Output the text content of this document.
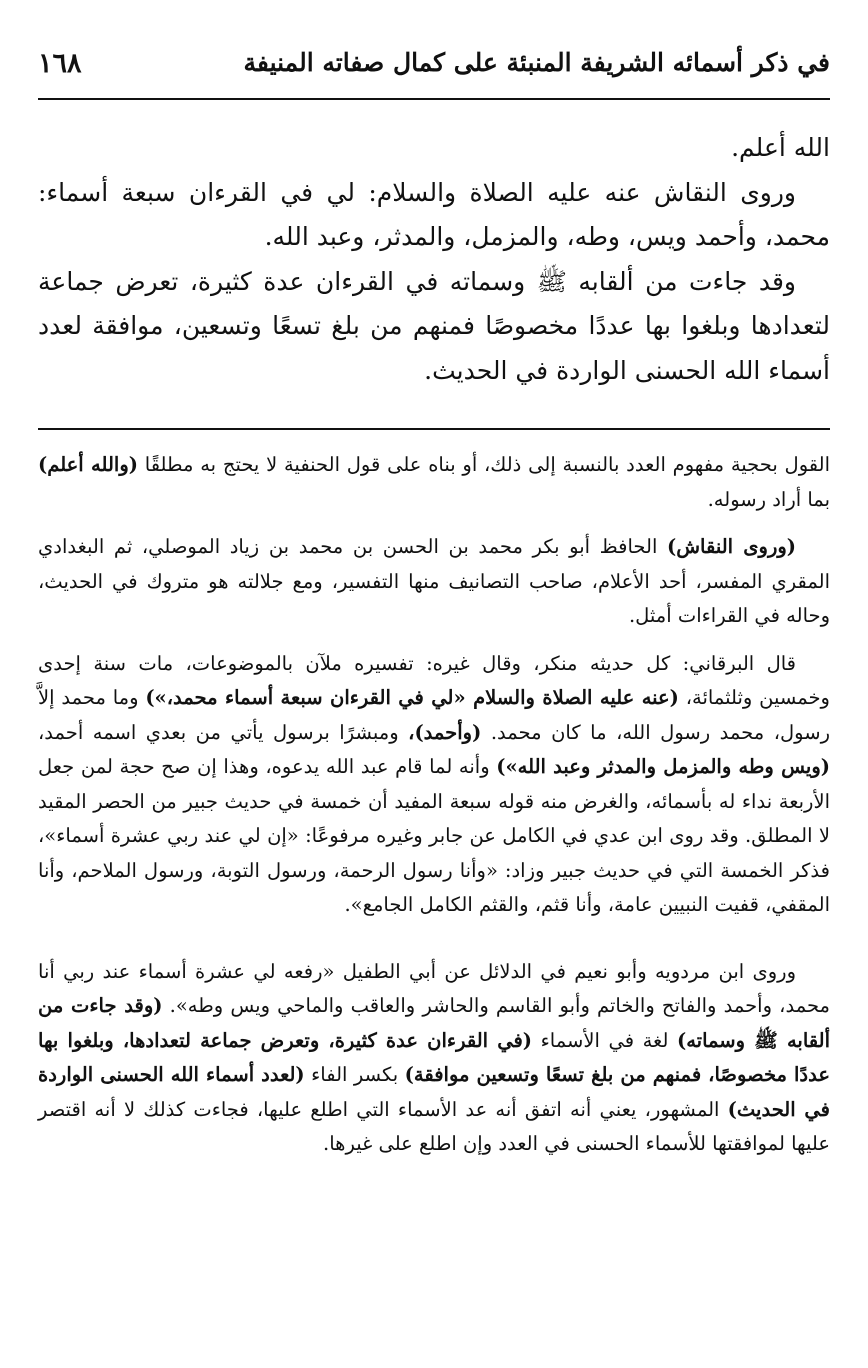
في ذكر أسمائه الشريفة المنبئة على كمال صفاته المنيفة
١٦٨

الله أعلم.

وروى النقاش عنه عليه الصلاة والسلام: لي في القرءان سبعة أسماء: محمد، وأحمد ويس، وطه، والمزمل، والمدثر، وعبد الله.

وقد جاءت من ألقابه ﷺ وسماته في القرءان عدة كثيرة، تعرض جماعة لتعدادها وبلغوا بها عددًا مخصوصًا فمنهم من بلغ تسعًا وتسعين، موافقة لعدد أسماء الله الحسنى الواردة في الحديث.

القول بحجية مفهوم العدد بالنسبة إلى ذلك، أو بناه على قول الحنفية لا يحتج به مطلقًا (والله أعلم) بما أراد رسوله.

(وروى النقاش) الحافظ أبو بكر محمد بن الحسن بن محمد بن زياد الموصلي، ثم البغدادي المقري المفسر، أحد الأعلام، صاحب التصانيف منها التفسير، ومع جلالته هو متروك في الحديث، وحاله في القراءات أمثل.

قال البرقاني: كل حديثه منكر، وقال غيره: تفسيره ملآن بالموضوعات، مات سنة إحدى وخمسين وثلثمائة، (عنه عليه الصلاة والسلام «لي في القرءان سبعة أسماء محمد،») وما محمد إلاَّ رسول، محمد رسول الله، ما كان محمد. (وأحمد)، ومبشرًا برسول يأتي من بعدي اسمه أحمد، (ويس وطه والمزمل والمدثر وعبد الله») وأنه لما قام عبد الله يدعوه، وهذا إن صح حجة لمن جعل الأربعة نداء له بأسمائه، والغرض منه قوله سبعة المفيد أن خمسة في حديث جبير من الحصر المقيد لا المطلق. وقد روى ابن عدي في الكامل عن جابر وغيره مرفوعًا: «إن لي عند ربي عشرة أسماء»، فذكر الخمسة التي في حديث جبير وزاد: «وأنا رسول الرحمة، ورسول التوبة، ورسول الملاحم، وأنا المقفي، قفيت النبيين عامة، وأنا قثم، والقثم الكامل الجامع».

وروى ابن مردويه وأبو نعيم في الدلائل عن أبي الطفيل «رفعه لي عشرة أسماء عند ربي أنا محمد، وأحمد والفاتح والخاتم وأبو القاسم والحاشر والعاقب والماحي ويس وطه». (وقد جاءت من ألقابه ﷺ وسماته) لغة في الأسماء (في القرءان عدة كثيرة، وتعرض جماعة لتعدادها، وبلغوا بها عددًا مخصوصًا، فمنهم من بلغ تسعًا وتسعين موافقة) بكسر الفاء (لعدد أسماء الله الحسنى الواردة في الحديث) المشهور، يعني أنه اتفق أنه عد الأسماء التي اطلع عليها، فجاءت كذلك لا أنه اقتصر عليها لموافقتها للأسماء الحسنى في العدد وإن اطلع على غيرها.
